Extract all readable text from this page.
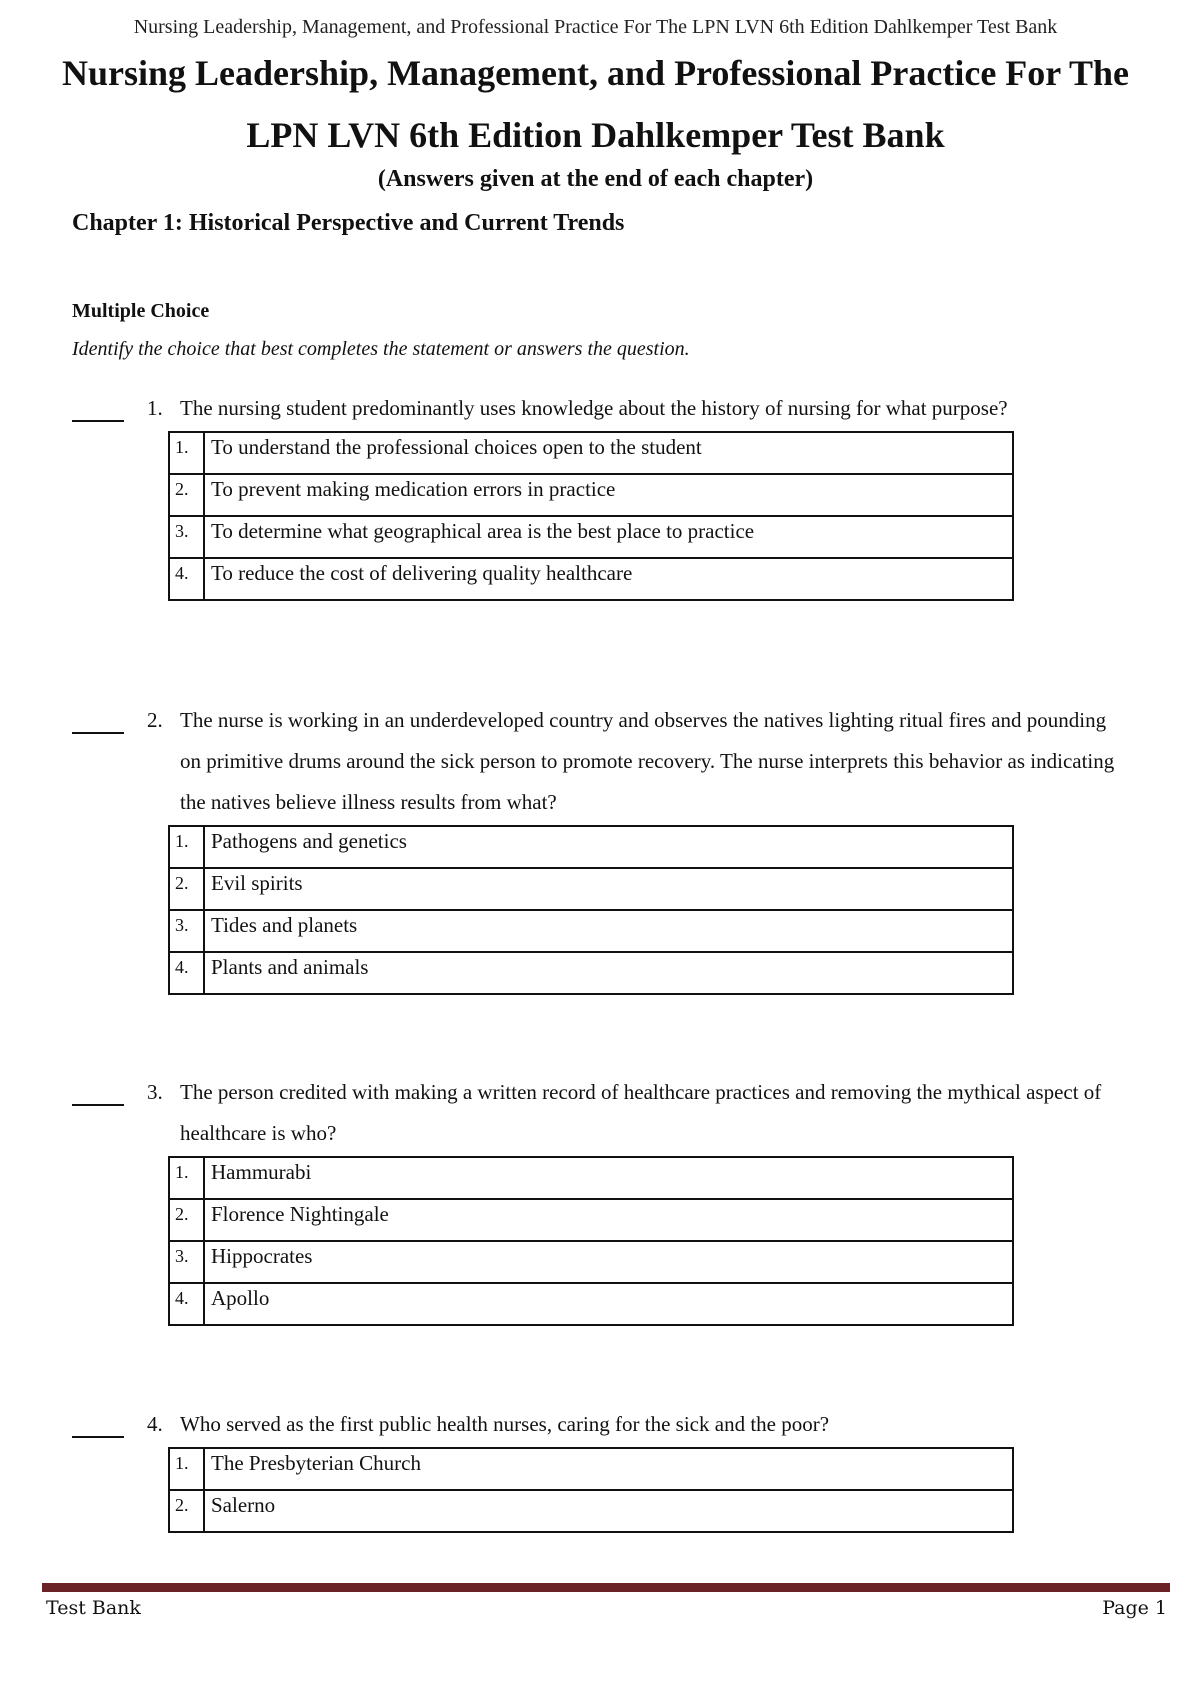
Nursing Leadership, Management, and Professional Practice For The LPN LVN 6th Edition Dahlkemper Test Bank
Nursing Leadership, Management, and Professional Practice For The
LPN LVN 6th Edition Dahlkemper Test Bank
(Answers given at the end of each chapter)
Chapter 1: Historical Perspective and Current Trends
Multiple Choice
Identify the choice that best completes the statement or answers the question.
1. The nursing student predominantly uses knowledge about the history of nursing for what purpose?
1.	To understand the professional choices open to the student
2.	To prevent making medication errors in practice
3.	To determine what geographical area is the best place to practice
4.	To reduce the cost of delivering quality healthcare
2. The nurse is working in an underdeveloped country and observes the natives lighting ritual fires and pounding on primitive drums around the sick person to promote recovery. The nurse interprets this behavior as indicating the natives believe illness results from what?
1.	Pathogens and genetics
2.	Evil spirits
3.	Tides and planets
4.	Plants and animals
3. The person credited with making a written record of healthcare practices and removing the mythical aspect of healthcare is who?
1.	Hammurabi
2.	Florence Nightingale
3.	Hippocrates
4.	Apollo
4. Who served as the first public health nurses, caring for the sick and the poor?
1.	The Presbyterian Church
2.	Salerno
Test Bank	Page 1
